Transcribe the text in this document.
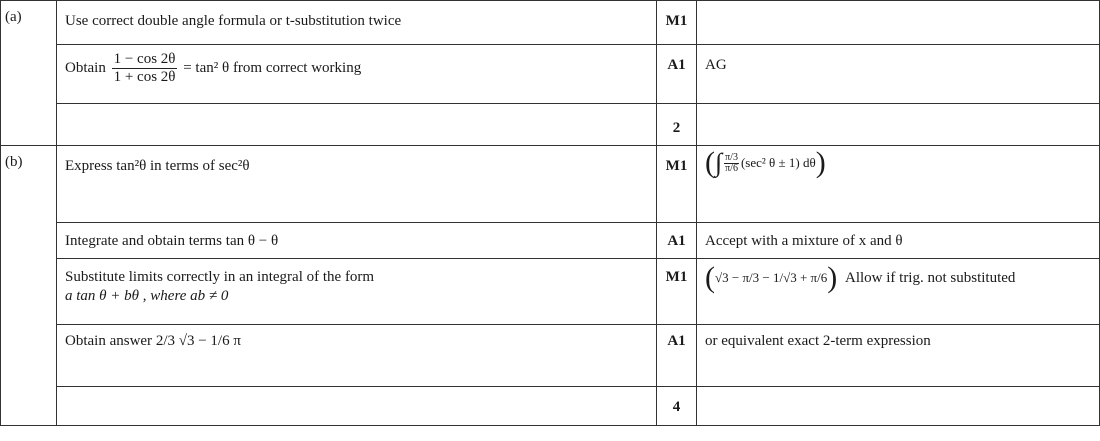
(a)	Use correct double angle formula or t-substitution twice	M1	

	Obtain $\frac{1 - \cos 2\theta}{1 + \cos 2\theta} = \tan^2$ θ from correct working	A1	AG

		2	

(b)	Express tan²θ in terms of sec²θ	M1	(∫ $\frac{\pi/3}{\pi/6} (\sec^2$ θ ± 1) dθ)

	Integrate and obtain terms tan θ − θ	A1	Accept with a mixture of x and θ

	Substitute limits correctly in an integral of the form
a tan θ + bθ , where ab ≠ 0	M1	(√3 − π/3 − 1/√3 + π/6) Allow if trig. not substituted

	Obtain answer 2/3 √3 − 1/6 π	A1	or equivalent exact 2-term expression

		4	
